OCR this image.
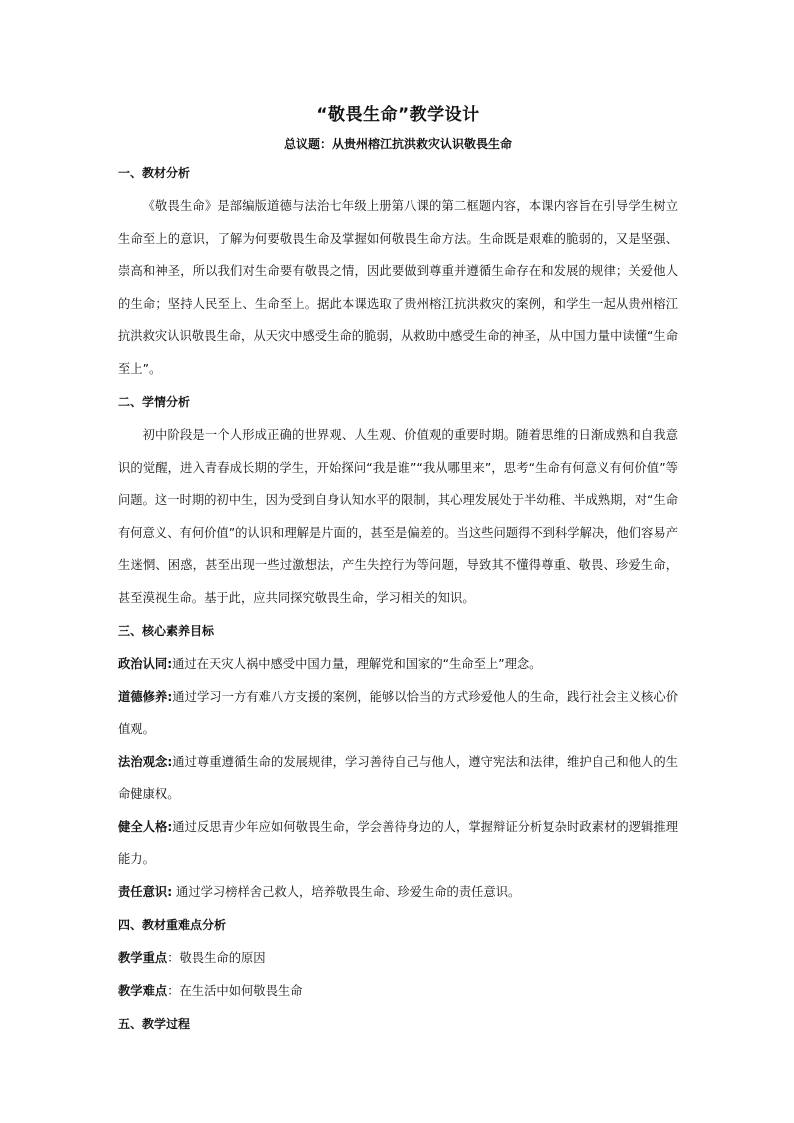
“敬畏生命”教学设计
总议题：从贵州榕江抗洪救灾认识敬畏生命
一、教材分析

《敬畏生命》是部编版道德与法治七年级上册第八课的第二框题内容，本课内容旨在引导学生树立生命至上的意识，了解为何要敬畏生命及掌握如何敬畏生命方法。生命既是艰难的脆弱的，又是坚强、崇高和神圣，所以我们对生命要有敬畏之情，因此要做到尊重并遵循生命存在和发展的规律；关爱他人的生命；坚持人民至上、生命至上。据此本课选取了贵州榕江抗洪救灾的案例，和学生一起从贵州榕江抗洪救灾认识敬畏生命，从天灾中感受生命的脆弱，从救助中感受生命的神圣，从中国力量中读懂“生命至上”。

二、学情分析

初中阶段是一个人形成正确的世界观、人生观、价值观的重要时期。随着思维的日渐成熟和自我意识的觉醒，进入青春成长期的学生，开始探问“我是谁”“我从哪里来”，思考“生命有何意义有何价值”等问题。这一时期的初中生，因为受到自身认知水平的限制，其心理发展处于半幼稚、半成熟期，对“生命有何意义、有何价值”的认识和理解是片面的，甚至是偏差的。当这些问题得不到科学解决，他们容易产生迷惘、困惑，甚至出现一些过激想法，产生失控行为等问题，导致其不懂得尊重、敬畏、珍爱生命，甚至漠视生命。基于此，应共同探究敬畏生命，学习相关的知识。

三、核心素养目标

政治认同:通过在天灾人祸中感受中国力量，理解党和国家的“生命至上”理念。

道德修养:通过学习一方有难八方支援的案例，能够以恰当的方式珍爱他人的生命，践行社会主义核心价值观。

法治观念:通过尊重遵循生命的发展规律，学习善待自己与他人，遵守宪法和法律，维护自己和他人的生命健康权。

健全人格:通过反思青少年应如何敬畏生命，学会善待身边的人，掌握辩证分析复杂时政素材的逻辑推理能力。

责任意识: 通过学习榜样舍己救人，培养敬畏生命、珍爱生命的责任意识。

四、教材重难点分析

教学重点：敬畏生命的原因

教学难点：在生活中如何敬畏生命

五、教学过程
